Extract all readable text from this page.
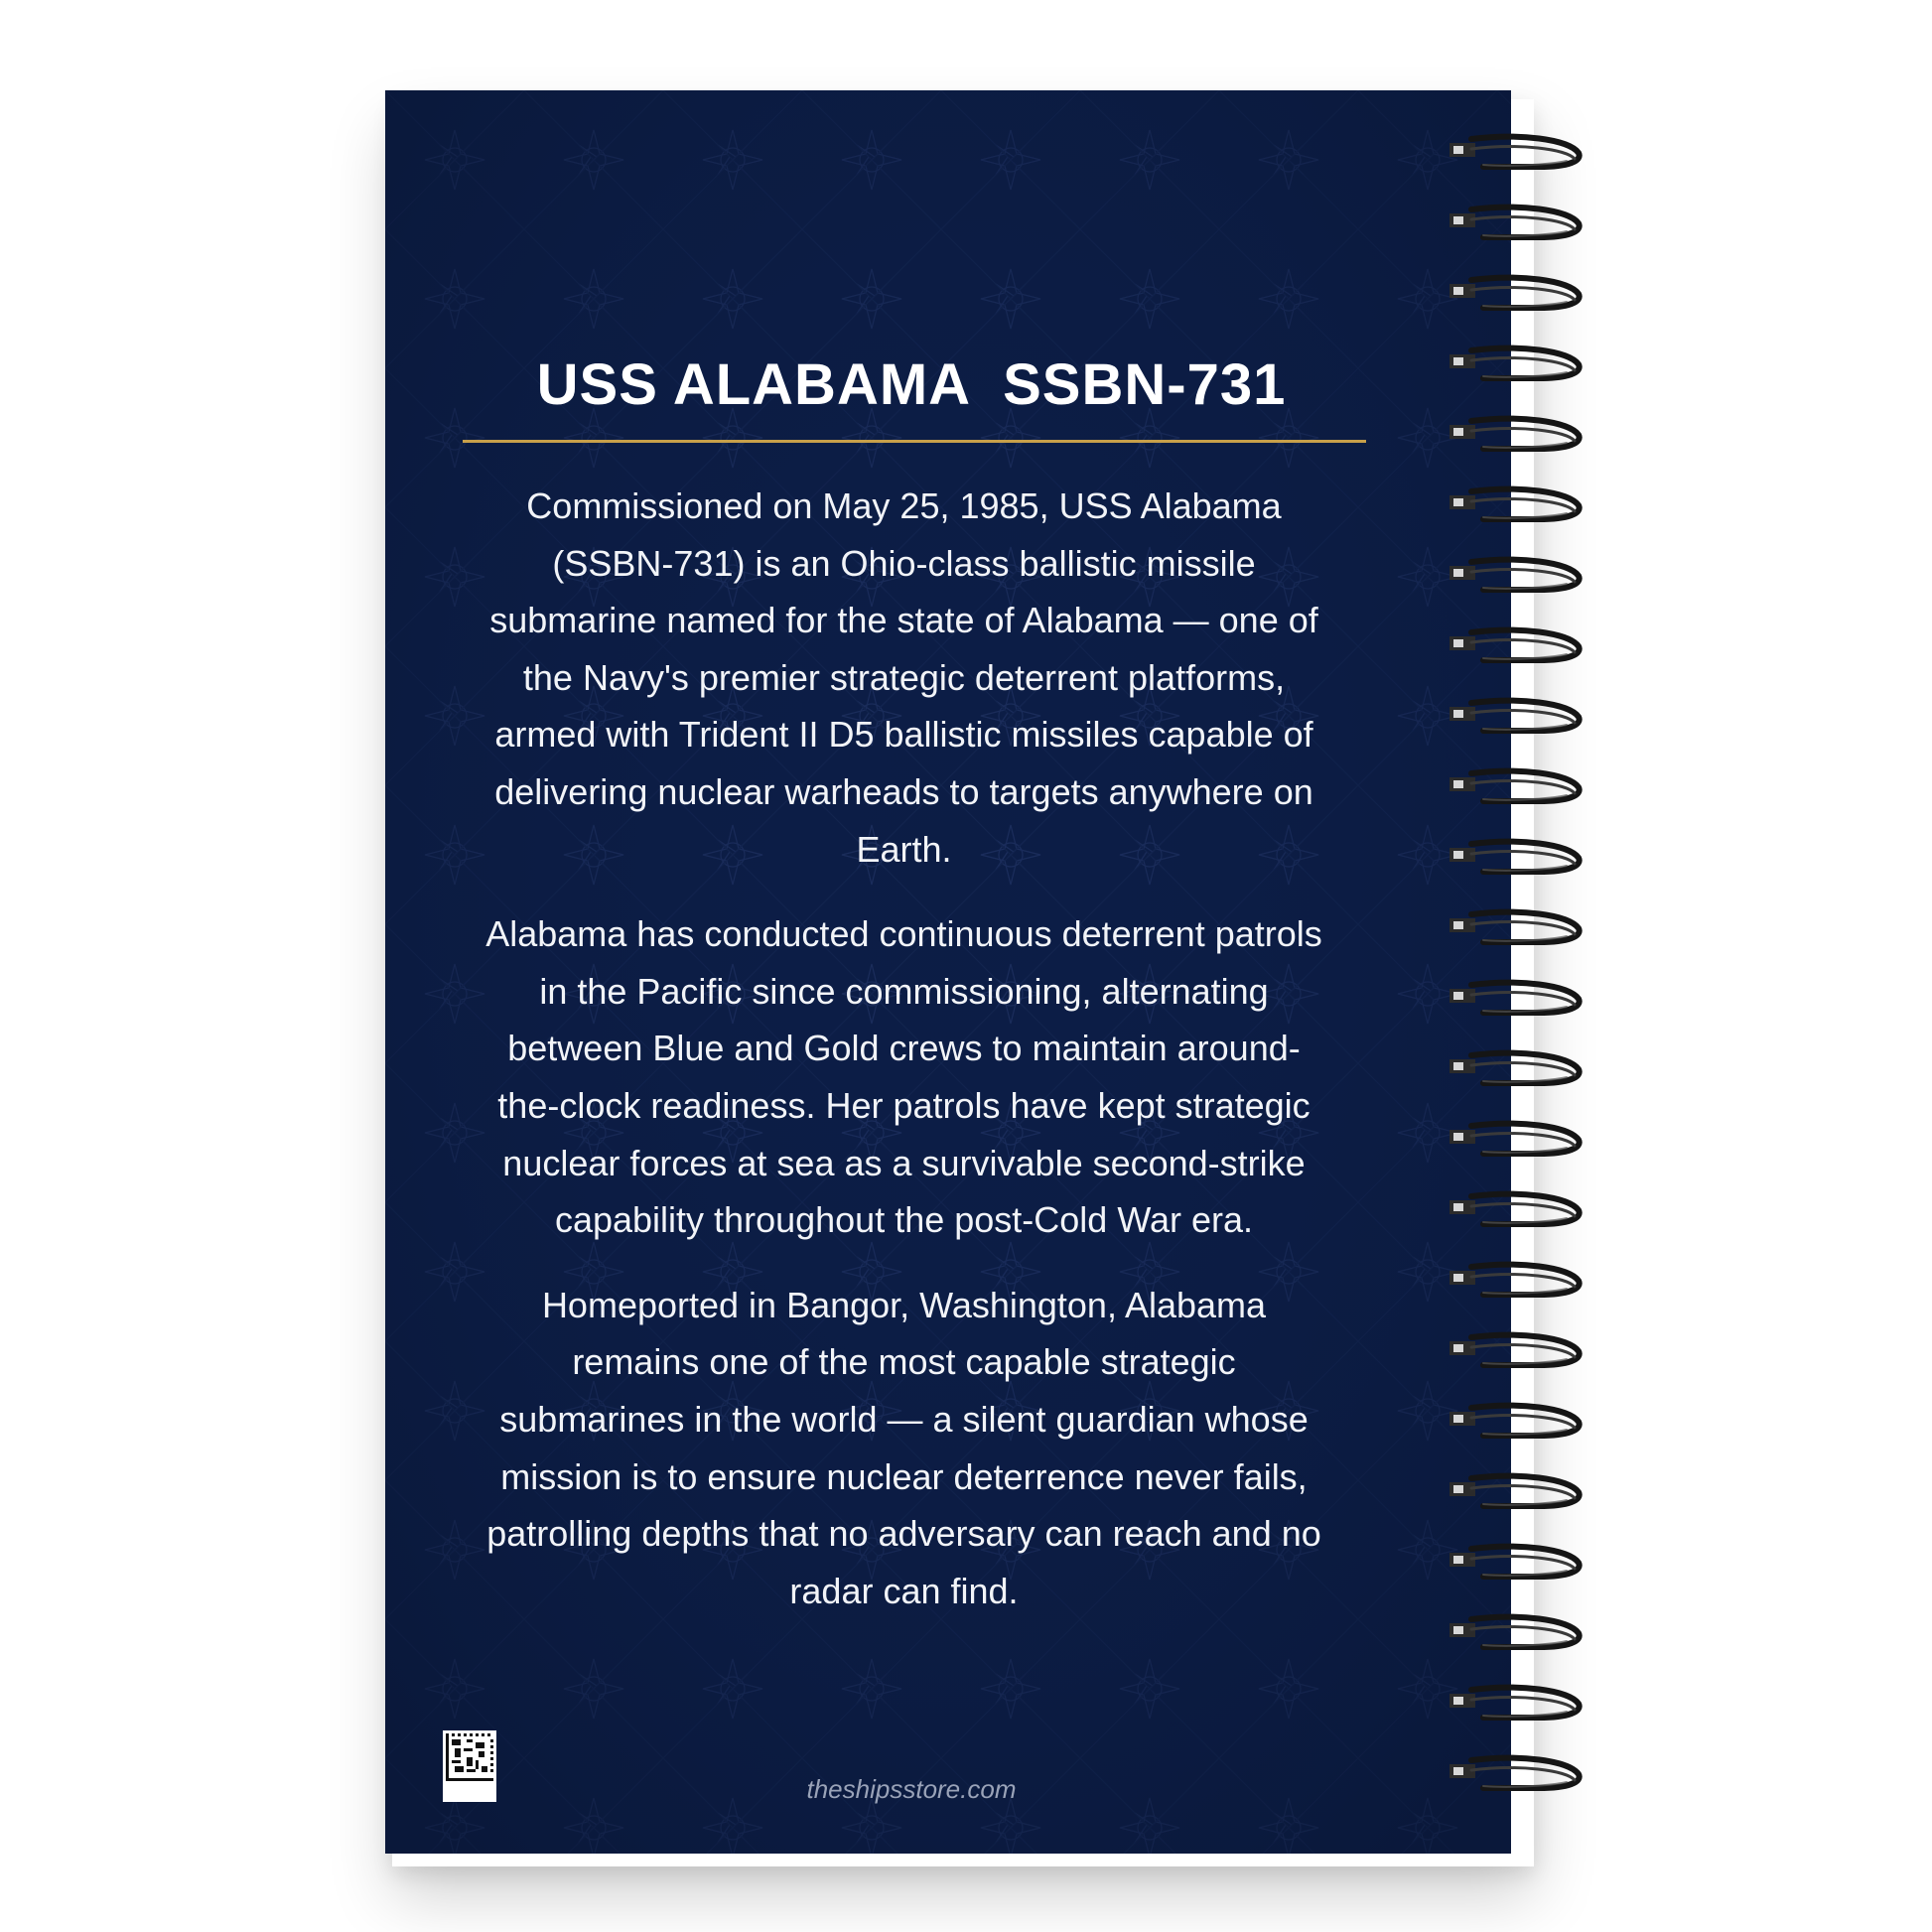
USS ALABAMA  SSBN-731

Commissioned on May 25, 1985, USS Alabama (SSBN-731) is an Ohio-class ballistic missile submarine named for the state of Alabama — one of the Navy's premier strategic deterrent platforms, armed with Trident II D5 ballistic missiles capable of delivering nuclear warheads to targets anywhere on Earth.

Alabama has conducted continuous deterrent patrols in the Pacific since commissioning, alternating between Blue and Gold crews to maintain around-the-clock readiness. Her patrols have kept strategic nuclear forces at sea as a survivable second-strike capability throughout the post-Cold War era.

Homeported in Bangor, Washington, Alabama remains one of the most capable strategic submarines in the world — a silent guardian whose mission is to ensure nuclear deterrence never fails, patrolling depths that no adversary can reach and no radar can find.

theshipsstore.com
